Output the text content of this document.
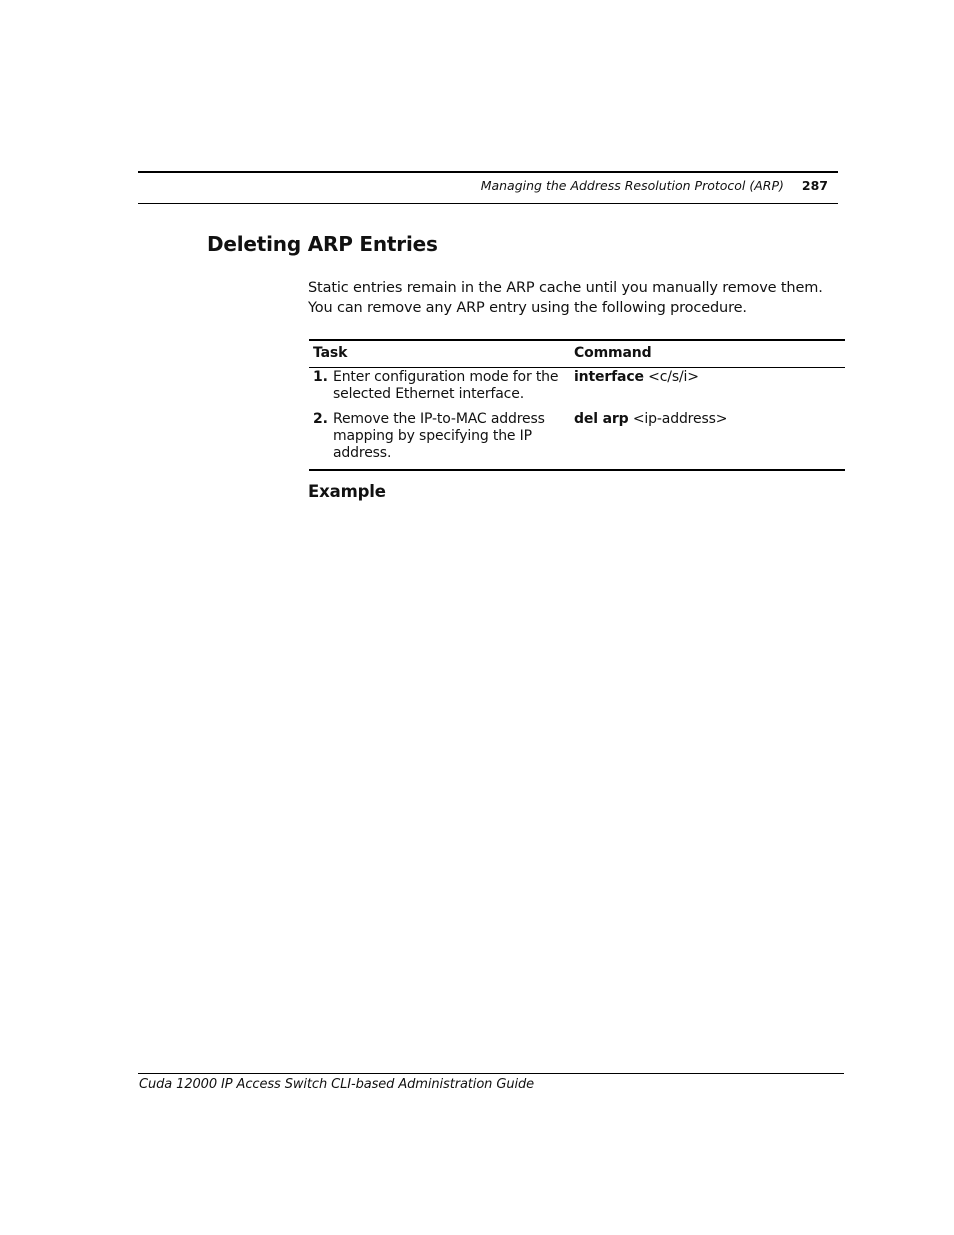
Managing the Address Resolution Protocol (ARP) 287
Deleting ARP Entries

Static entries remain in the ARP cache until you manually remove them. You can remove any ARP entry using the following procedure.

Task	Command

1. Enter configuration mode for the selected Ethernet interface.	interface <c/s/i>

2. Remove the IP-to-MAC address mapping by specifying the IP address.	del arp <ip-address>
Example
Cuda 12000 IP Access Switch CLI-based Administration Guide
